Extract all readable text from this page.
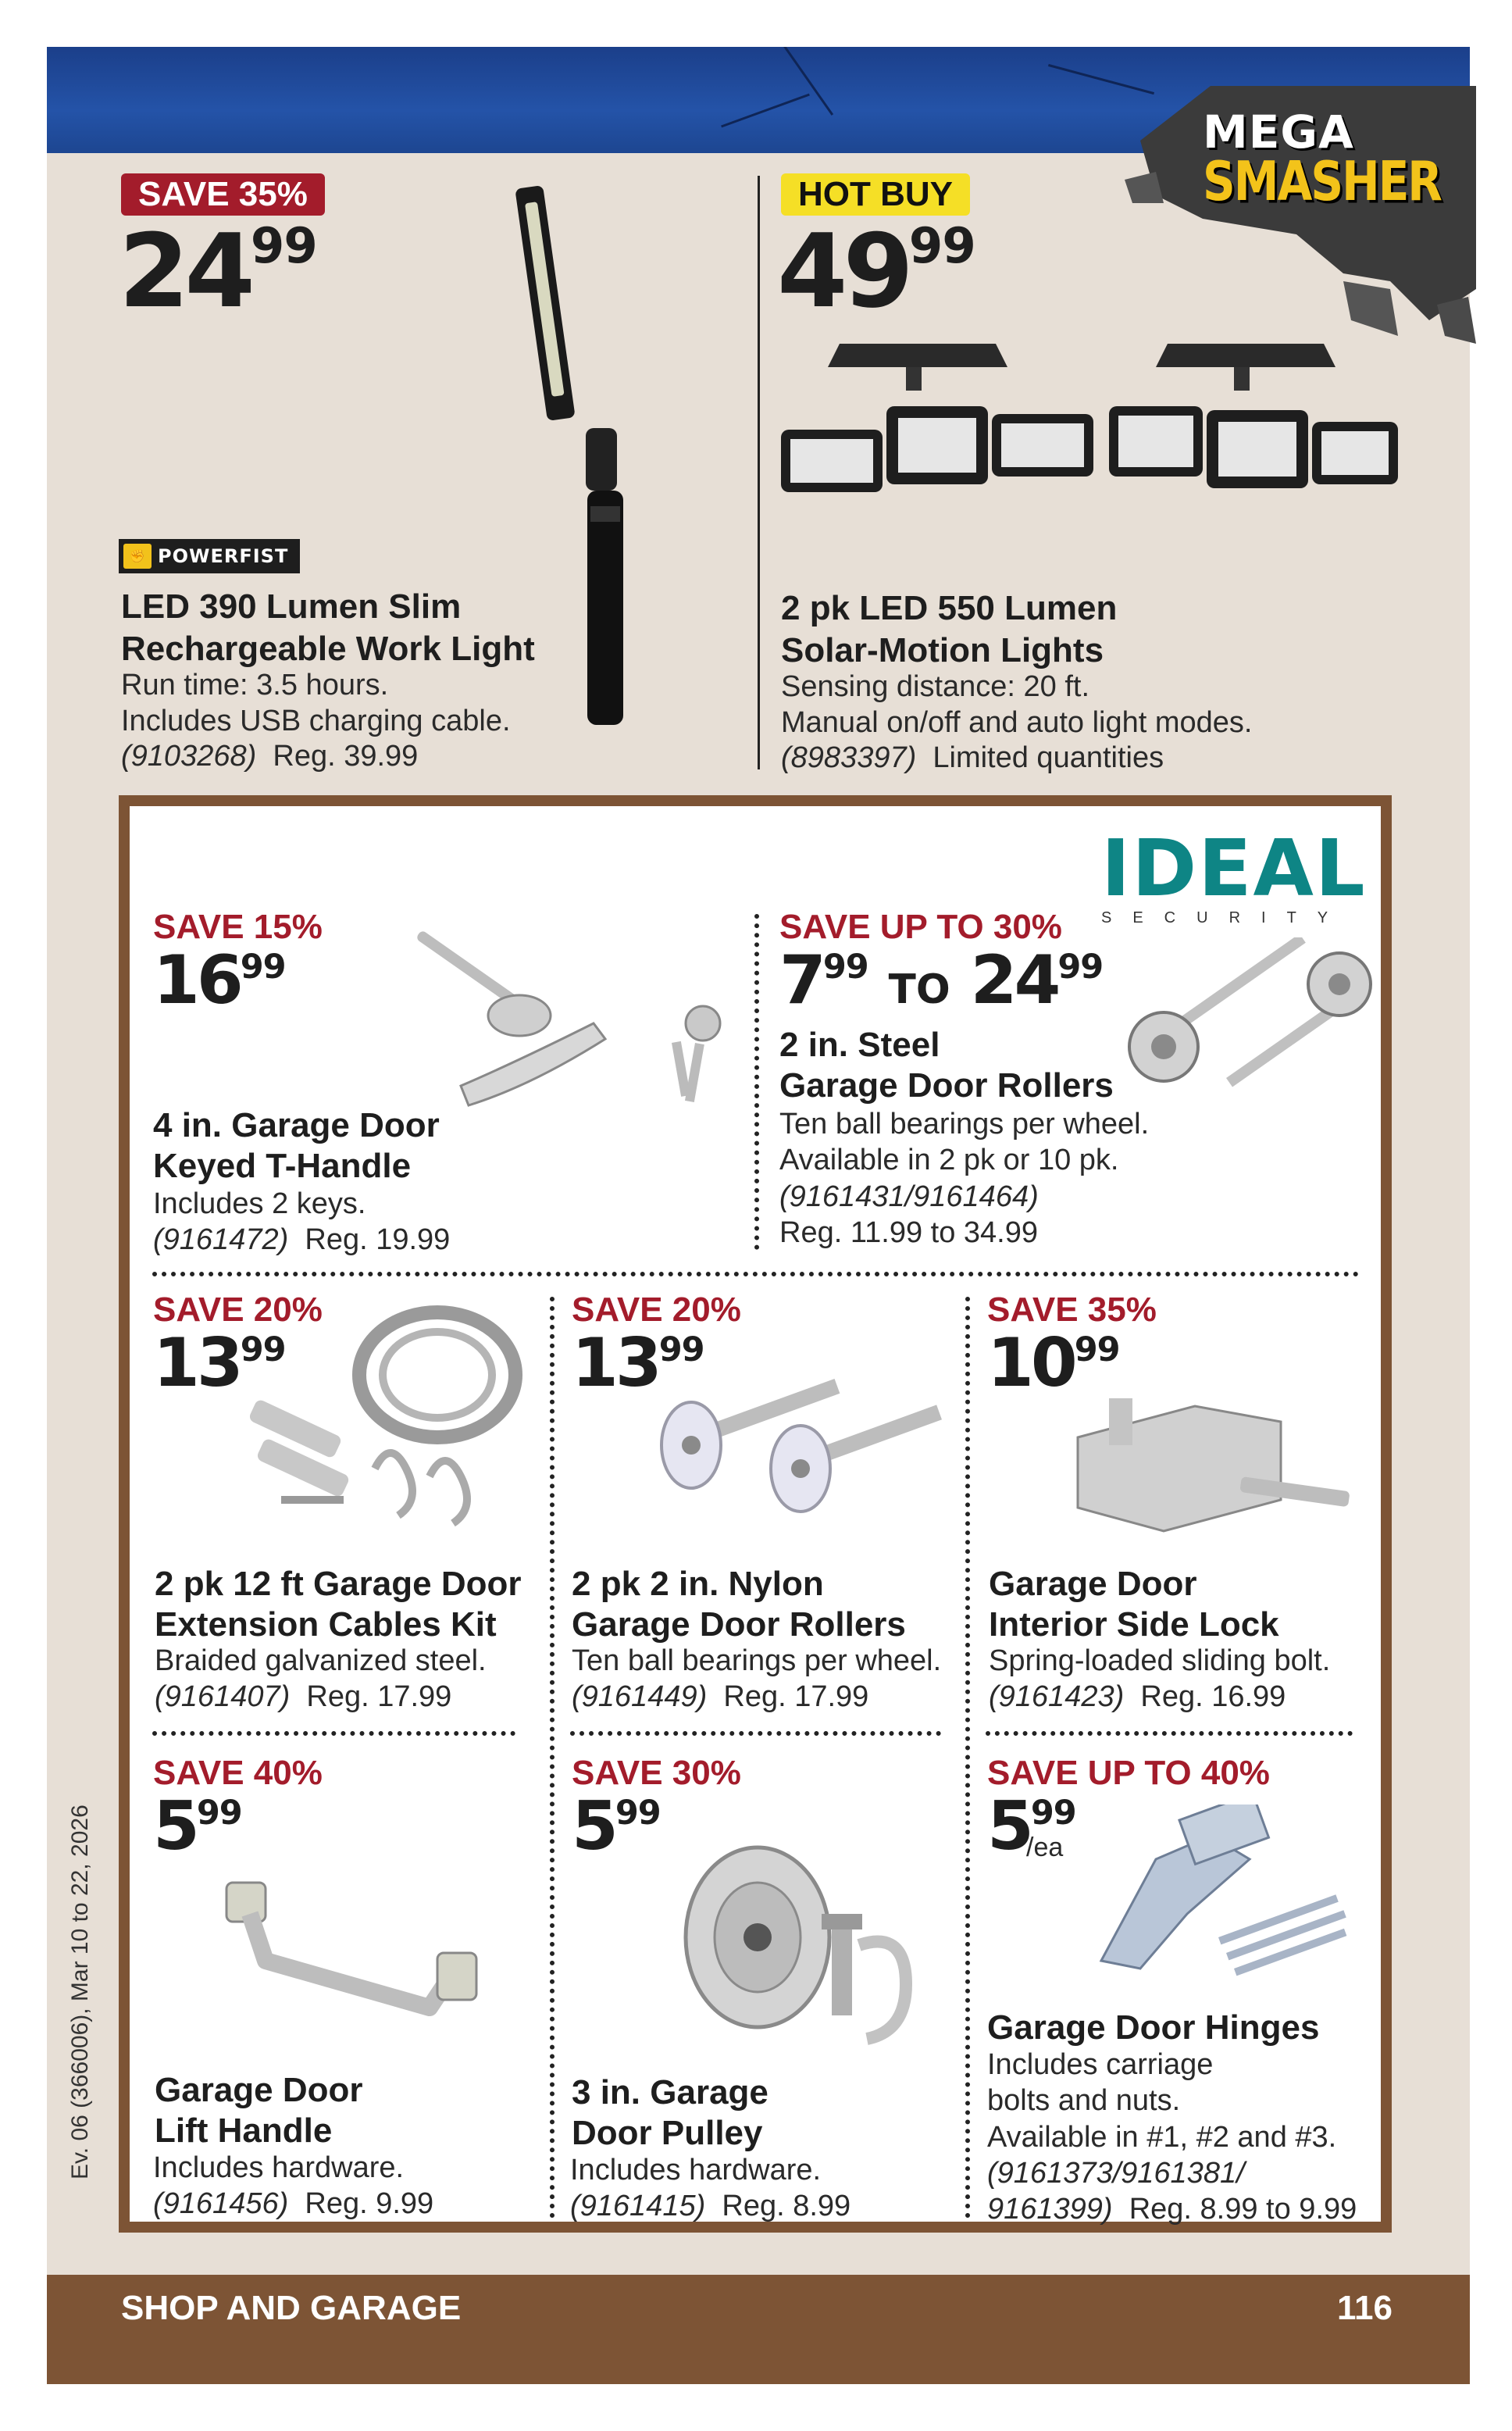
MEGA
SMASHER
SAVE 35%
$24^{99}$
✊ POWERFIST
LED 390 Lumen Slim
Rechargeable Work Light
Run time: 3.5 hours.
Includes USB charging cable.
(9103268) Reg. 39.99
HOT BUY
$49^{99}$
2 pk LED 550 Lumen
Solar-Motion Lights
Sensing distance: 20 ft.
Manual on/off and auto light modes.
(8983397) Limited quantities
IDEAL
SECURITY
SAVE 15%
$16^{99}$
4 in. Garage Door
Keyed T-Handle
Includes 2 keys.
(9161472) Reg. 19.99
SAVE UP TO 30%
$7^{99}$ TO $24^{99}$
2 in. Steel
Garage Door Rollers
Ten ball bearings per wheel.
Available in 2 pk or 10 pk.
(9161431/9161464)
Reg. 11.99 to 34.99
SAVE 20%
$13^{99}$
2 pk 12 ft Garage Door
Extension Cables Kit
Braided galvanized steel.
(9161407) Reg. 17.99
SAVE 20%
$13^{99}$
2 pk 2 in. Nylon
Garage Door Rollers
Ten ball bearings per wheel.
(9161449) Reg. 17.99
SAVE 35%
$10^{99}$
Garage Door
Interior Side Lock
Spring-loaded sliding bolt.
(9161423) Reg. 16.99
SAVE 40%
$5^{99}$
Garage Door
Lift Handle
Includes hardware.
(9161456) Reg. 9.99
SAVE 30%
$5^{99}$
3 in. Garage
Door Pulley
Includes hardware.
(9161415) Reg. 8.99
SAVE UP TO 40%
$5^{99}$
/ea
Garage Door Hinges
Includes carriage
bolts and nuts.
Available in #1, #2 and #3.
(9161373/9161381/
9161399) Reg. 8.99 to 9.99
Ev. 06 (366006), Mar 10 to 22, 2026
SHOP AND GARAGE	116
